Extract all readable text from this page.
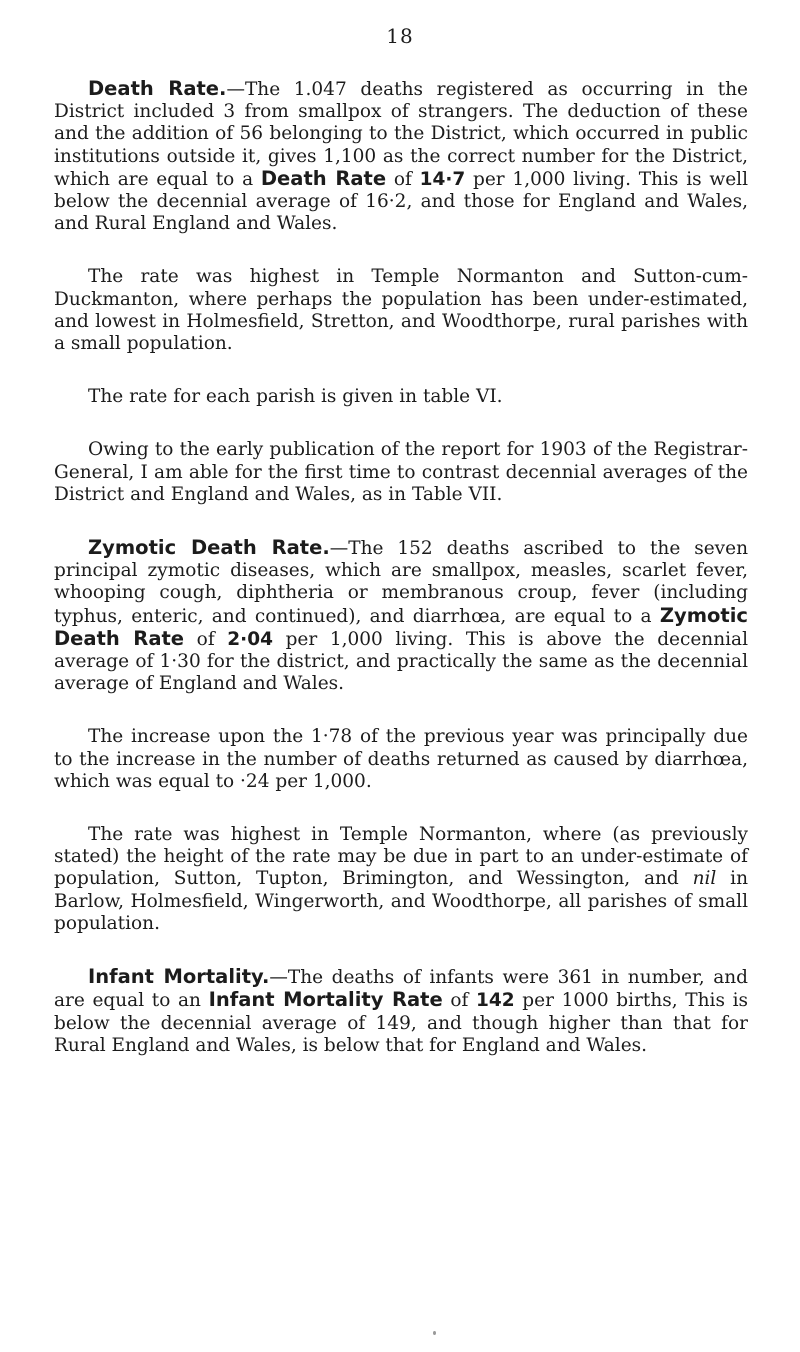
18

Death Rate.—The 1.047 deaths registered as occurring in the District included 3 from smallpox of strangers. The deduction of these and the addition of 56 belonging to the District, which occurred in public institutions outside it, gives 1,100 as the correct number for the District, which are equal to a Death Rate of 14·7 per 1,000 living. This is well below the decennial average of 16·2, and those for England and Wales, and Rural England and Wales.

The rate was highest in Temple Normanton and Sutton-cum-Duckmanton, where perhaps the population has been under-estimated, and lowest in Holmesfield, Stretton, and Woodthorpe, rural parishes with a small population.

The rate for each parish is given in table VI.

Owing to the early publication of the report for 1903 of the Registrar-General, I am able for the first time to contrast decennial averages of the District and England and Wales, as in Table VII.

Zymotic Death Rate.—The 152 deaths ascribed to the seven principal zymotic diseases, which are smallpox, measles, scarlet fever, whooping cough, diphtheria or membranous croup, fever (including typhus, enteric, and continued), and diarrhœa, are equal to a Zymotic Death Rate of 2·04 per 1,000 living. This is above the decennial average of 1·30 for the district, and practically the same as the decennial average of England and Wales.

The increase upon the 1·78 of the previous year was principally due to the increase in the number of deaths returned as caused by diarrhœa, which was equal to ·24 per 1,000.

The rate was highest in Temple Normanton, where (as previously stated) the height of the rate may be due in part to an under-estimate of population, Sutton, Tupton, Brimington, and Wessington, and nil in Barlow, Holmesfield, Wingerworth, and Woodthorpe, all parishes of small population.

Infant Mortality.—The deaths of infants were 361 in number, and are equal to an Infant Mortality Rate of 142 per 1000 births, This is below the decennial average of 149, and though higher than that for Rural England and Wales, is below that for England and Wales.
